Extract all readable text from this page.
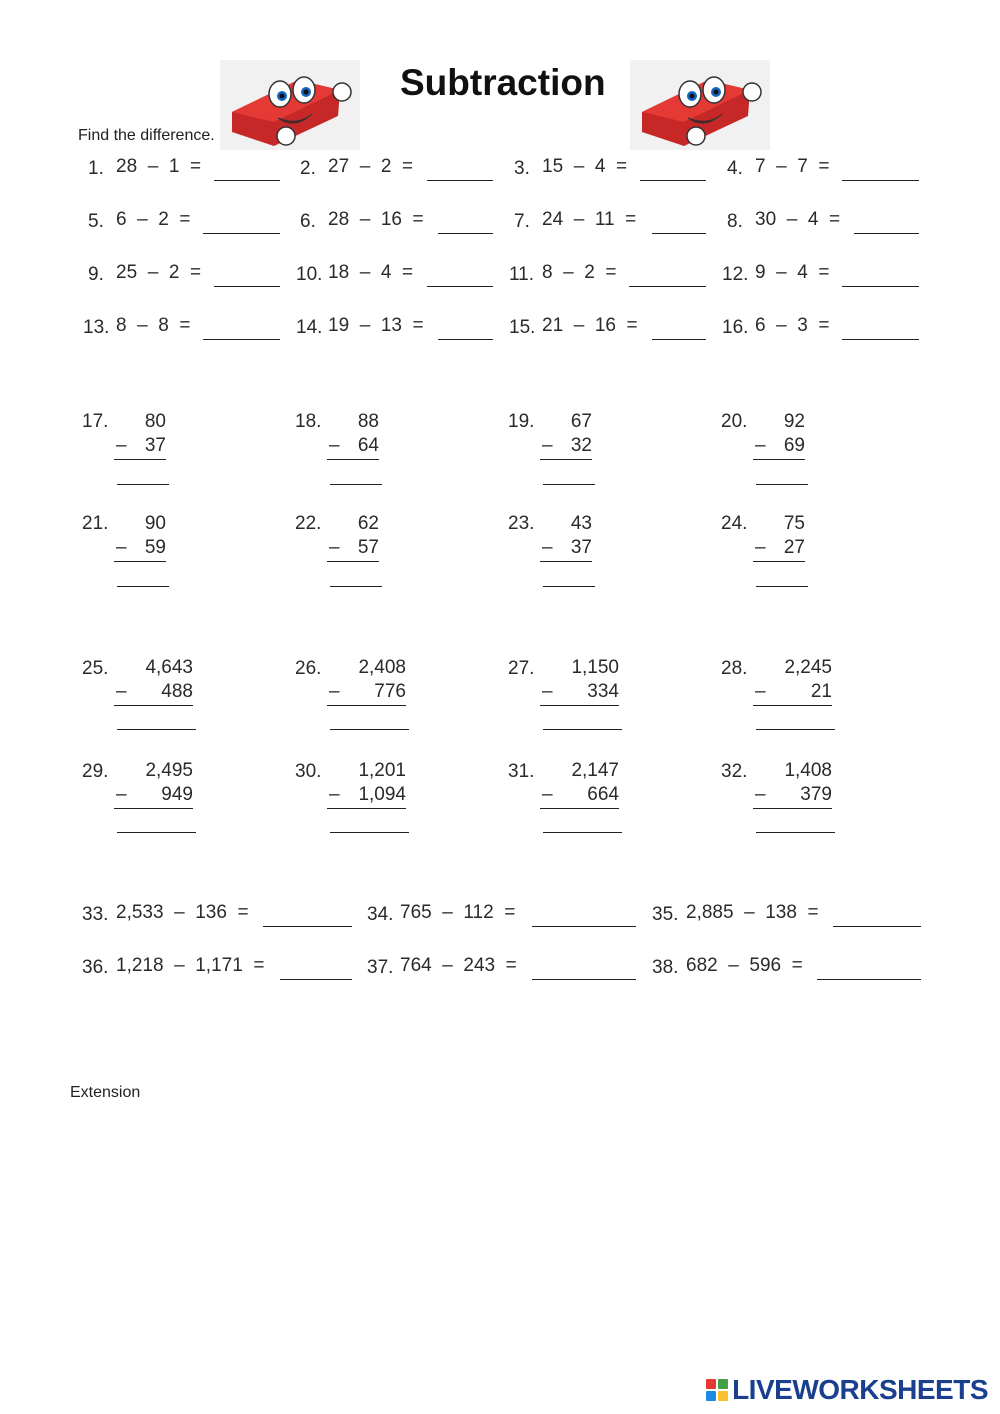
Subtraction
Find the difference.
1. 28  –  1  =	2. 27  –  2  =	3. 15  –  4  =	4. 7  –  7  =
5. 6  –  2  =	6. 28  –  16  =	7. 24  –  11  =	8. 30  –  4  =
9. 25  –  2  =	10. 18  –  4  =	11. 8  –  2  =	12. 9  –  4  =
13. 8  –  8  =	14. 19  –  13  =	15. 21  –  16  =	16. 6  –  3  =
17.	80
– 37
18.	88
– 64
19.	67
– 32
20.	92
– 69
21.	90
– 59
22.	62
– 57
23.	43
– 37
24.	75
– 27
25.	4,643
–	488
26.	2,408
–	776
27.	1,150
–	334
28.	2,245
–	21
29.	2,495
–	949
30.	1,201
– 1,094
31.	2,147
–	664
32.	1,408
–	379
33. 2,533  –  136  =	34. 765  –  112  =	35. 2,885  –  138  =
36. 1,218  –  1,171  =	37. 764  –  243  =	38. 682  –  596  =
Extension
LIVEWORKSHEETS
